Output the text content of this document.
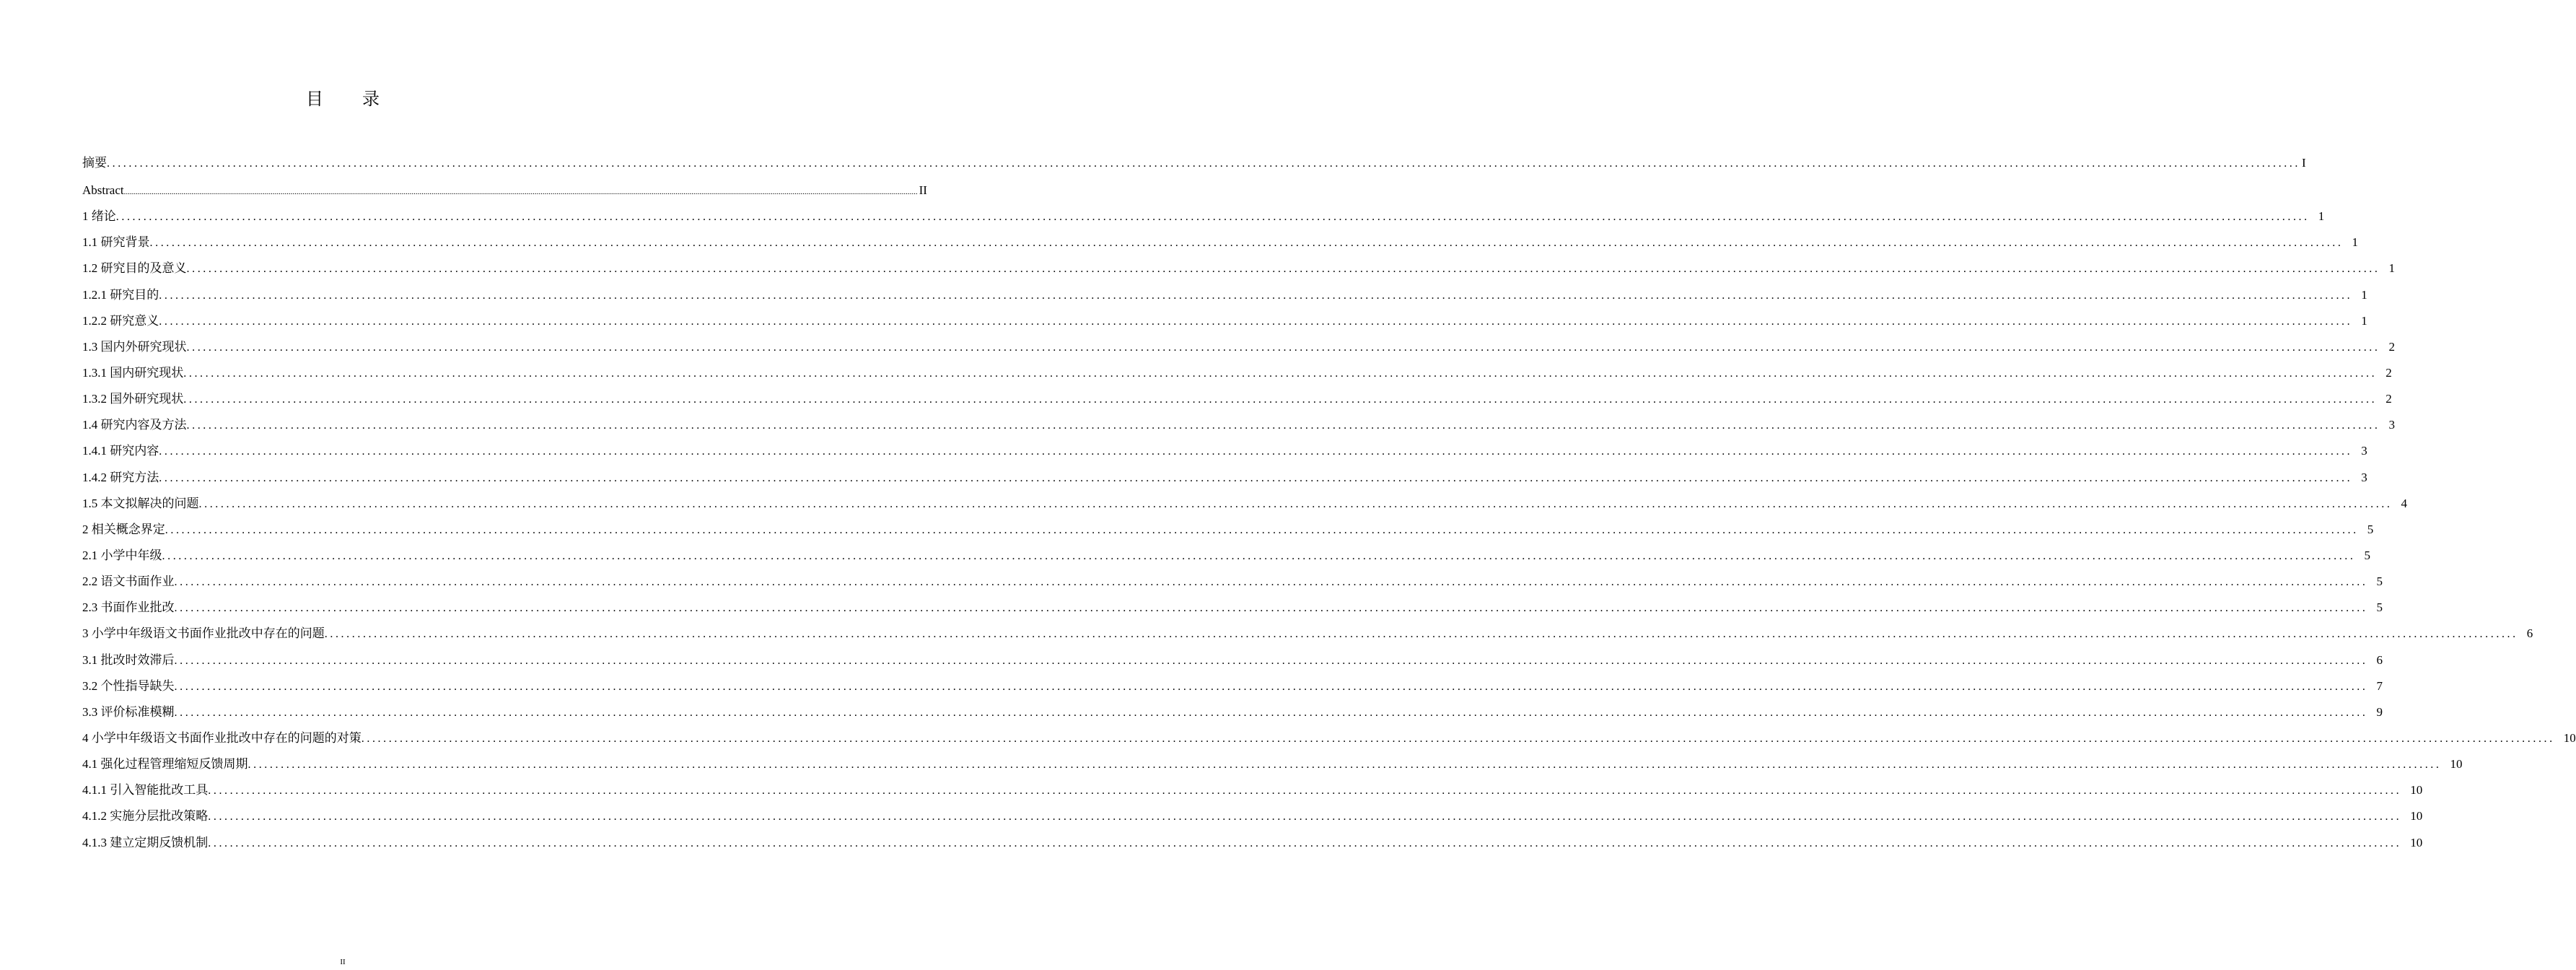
目 录
摘要 ................................................................................................................................................................................................................................................................................................................................................................................................................ I
Abstract ................................................................................................................................................................................................................................................................................................................................................................................................................ II
1 绪论 ................................................................................................................................................................................................................................................................................................................................................................................................................ 1
1.1 研究背景 ................................................................................................................................................................................................................................................................................................................................................................................................................ 1
1.2 研究目的及意义 ................................................................................................................................................................................................................................................................................................................................................................................................................ 1
1.2.1 研究目的 ................................................................................................................................................................................................................................................................................................................................................................................................................ 1
1.2.2 研究意义 ................................................................................................................................................................................................................................................................................................................................................................................................................ 1
1.3 国内外研究现状 ................................................................................................................................................................................................................................................................................................................................................................................................................ 2
1.3.1 国内研究现状 ................................................................................................................................................................................................................................................................................................................................................................................................................ 2
1.3.2 国外研究现状 ................................................................................................................................................................................................................................................................................................................................................................................................................ 2
1.4 研究内容及方法 ................................................................................................................................................................................................................................................................................................................................................................................................................ 3
1.4.1 研究内容 ................................................................................................................................................................................................................................................................................................................................................................................................................ 3
1.4.2 研究方法 ................................................................................................................................................................................................................................................................................................................................................................................................................ 3
1.5 本文拟解决的问题 ................................................................................................................................................................................................................................................................................................................................................................................................................ 4
2 相关概念界定 ................................................................................................................................................................................................................................................................................................................................................................................................................ 5
2.1 小学中年级 ................................................................................................................................................................................................................................................................................................................................................................................................................ 5
2.2 语文书面作业 ................................................................................................................................................................................................................................................................................................................................................................................................................ 5
2.3 书面作业批改 ................................................................................................................................................................................................................................................................................................................................................................................................................ 5
3 小学中年级语文书面作业批改中存在的问题 ................................................................................................................................................................................................................................................................................................................................................................................................................ 6
3.1 批改时效滞后 ................................................................................................................................................................................................................................................................................................................................................................................................................ 6
3.2 个性指导缺失 ................................................................................................................................................................................................................................................................................................................................................................................................................ 7
3.3 评价标准模糊 ................................................................................................................................................................................................................................................................................................................................................................................................................ 9
4 小学中年级语文书面作业批改中存在的问题的对策 ................................................................................................................................................................................................................................................................................................................................................................................................................ 10
4.1 强化过程管理缩短反馈周期 ................................................................................................................................................................................................................................................................................................................................................................................................................ 10
4.1.1 引入智能批改工具 ................................................................................................................................................................................................................................................................................................................................................................................................................ 10
4.1.2 实施分层批改策略 ................................................................................................................................................................................................................................................................................................................................................................................................................ 10
4.1.3 建立定期反馈机制 ................................................................................................................................................................................................................................................................................................................................................................................................................ 10
II
